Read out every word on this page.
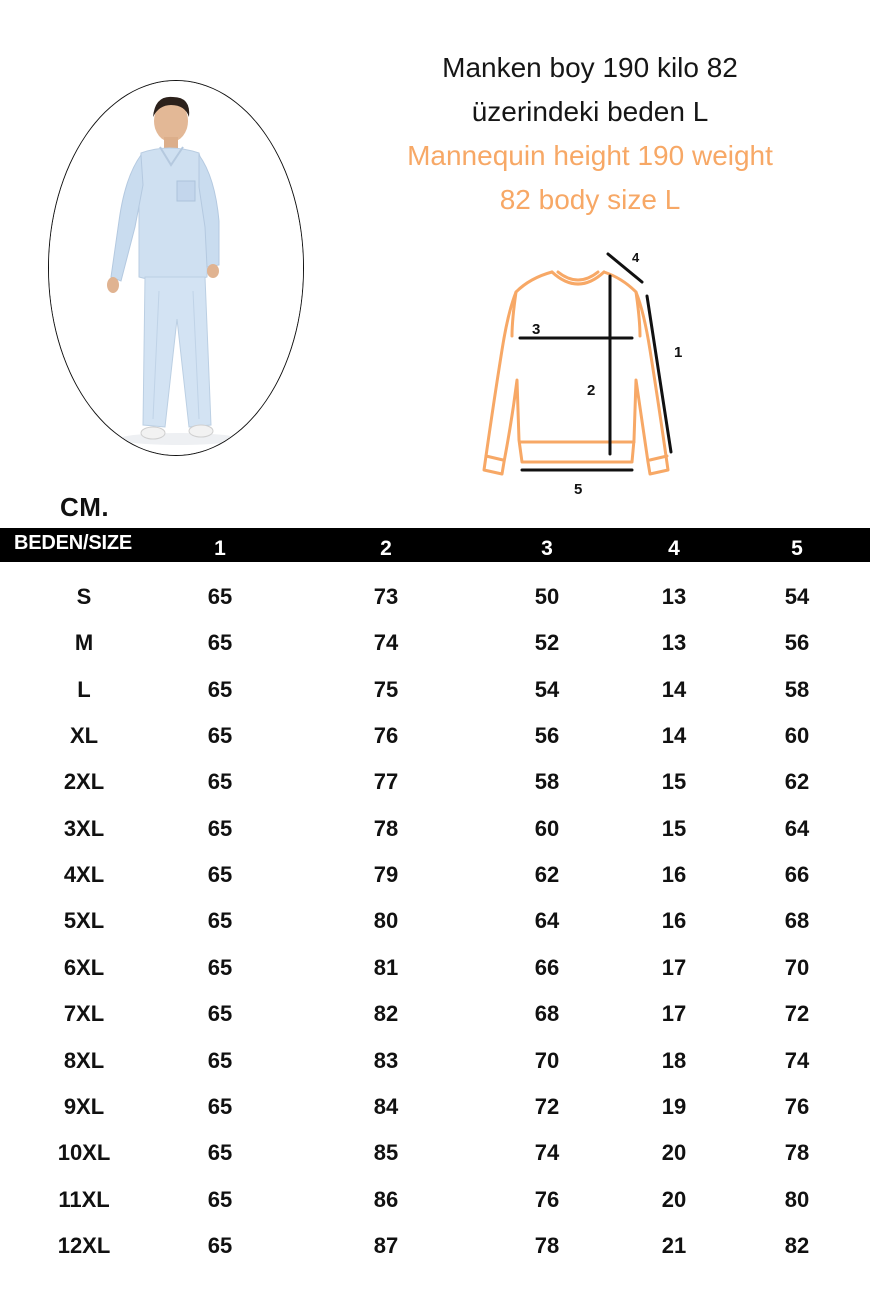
Manken boy 190 kilo 82
üzerindeki beden L
Mannequin height 190 weight
82 body size L
1
2
3
4
5
CM.
BEDEN/SIZE	1	2	3	4	5
S	65	73	50	13	54
M	65	74	52	13	56
L	65	75	54	14	58
XL	65	76	56	14	60
2XL	65	77	58	15	62
3XL	65	78	60	15	64
4XL	65	79	62	16	66
5XL	65	80	64	16	68
6XL	65	81	66	17	70
7XL	65	82	68	17	72
8XL	65	83	70	18	74
9XL	65	84	72	19	76
10XL	65	85	74	20	78
11XL	65	86	76	20	80
12XL	65	87	78	21	82
